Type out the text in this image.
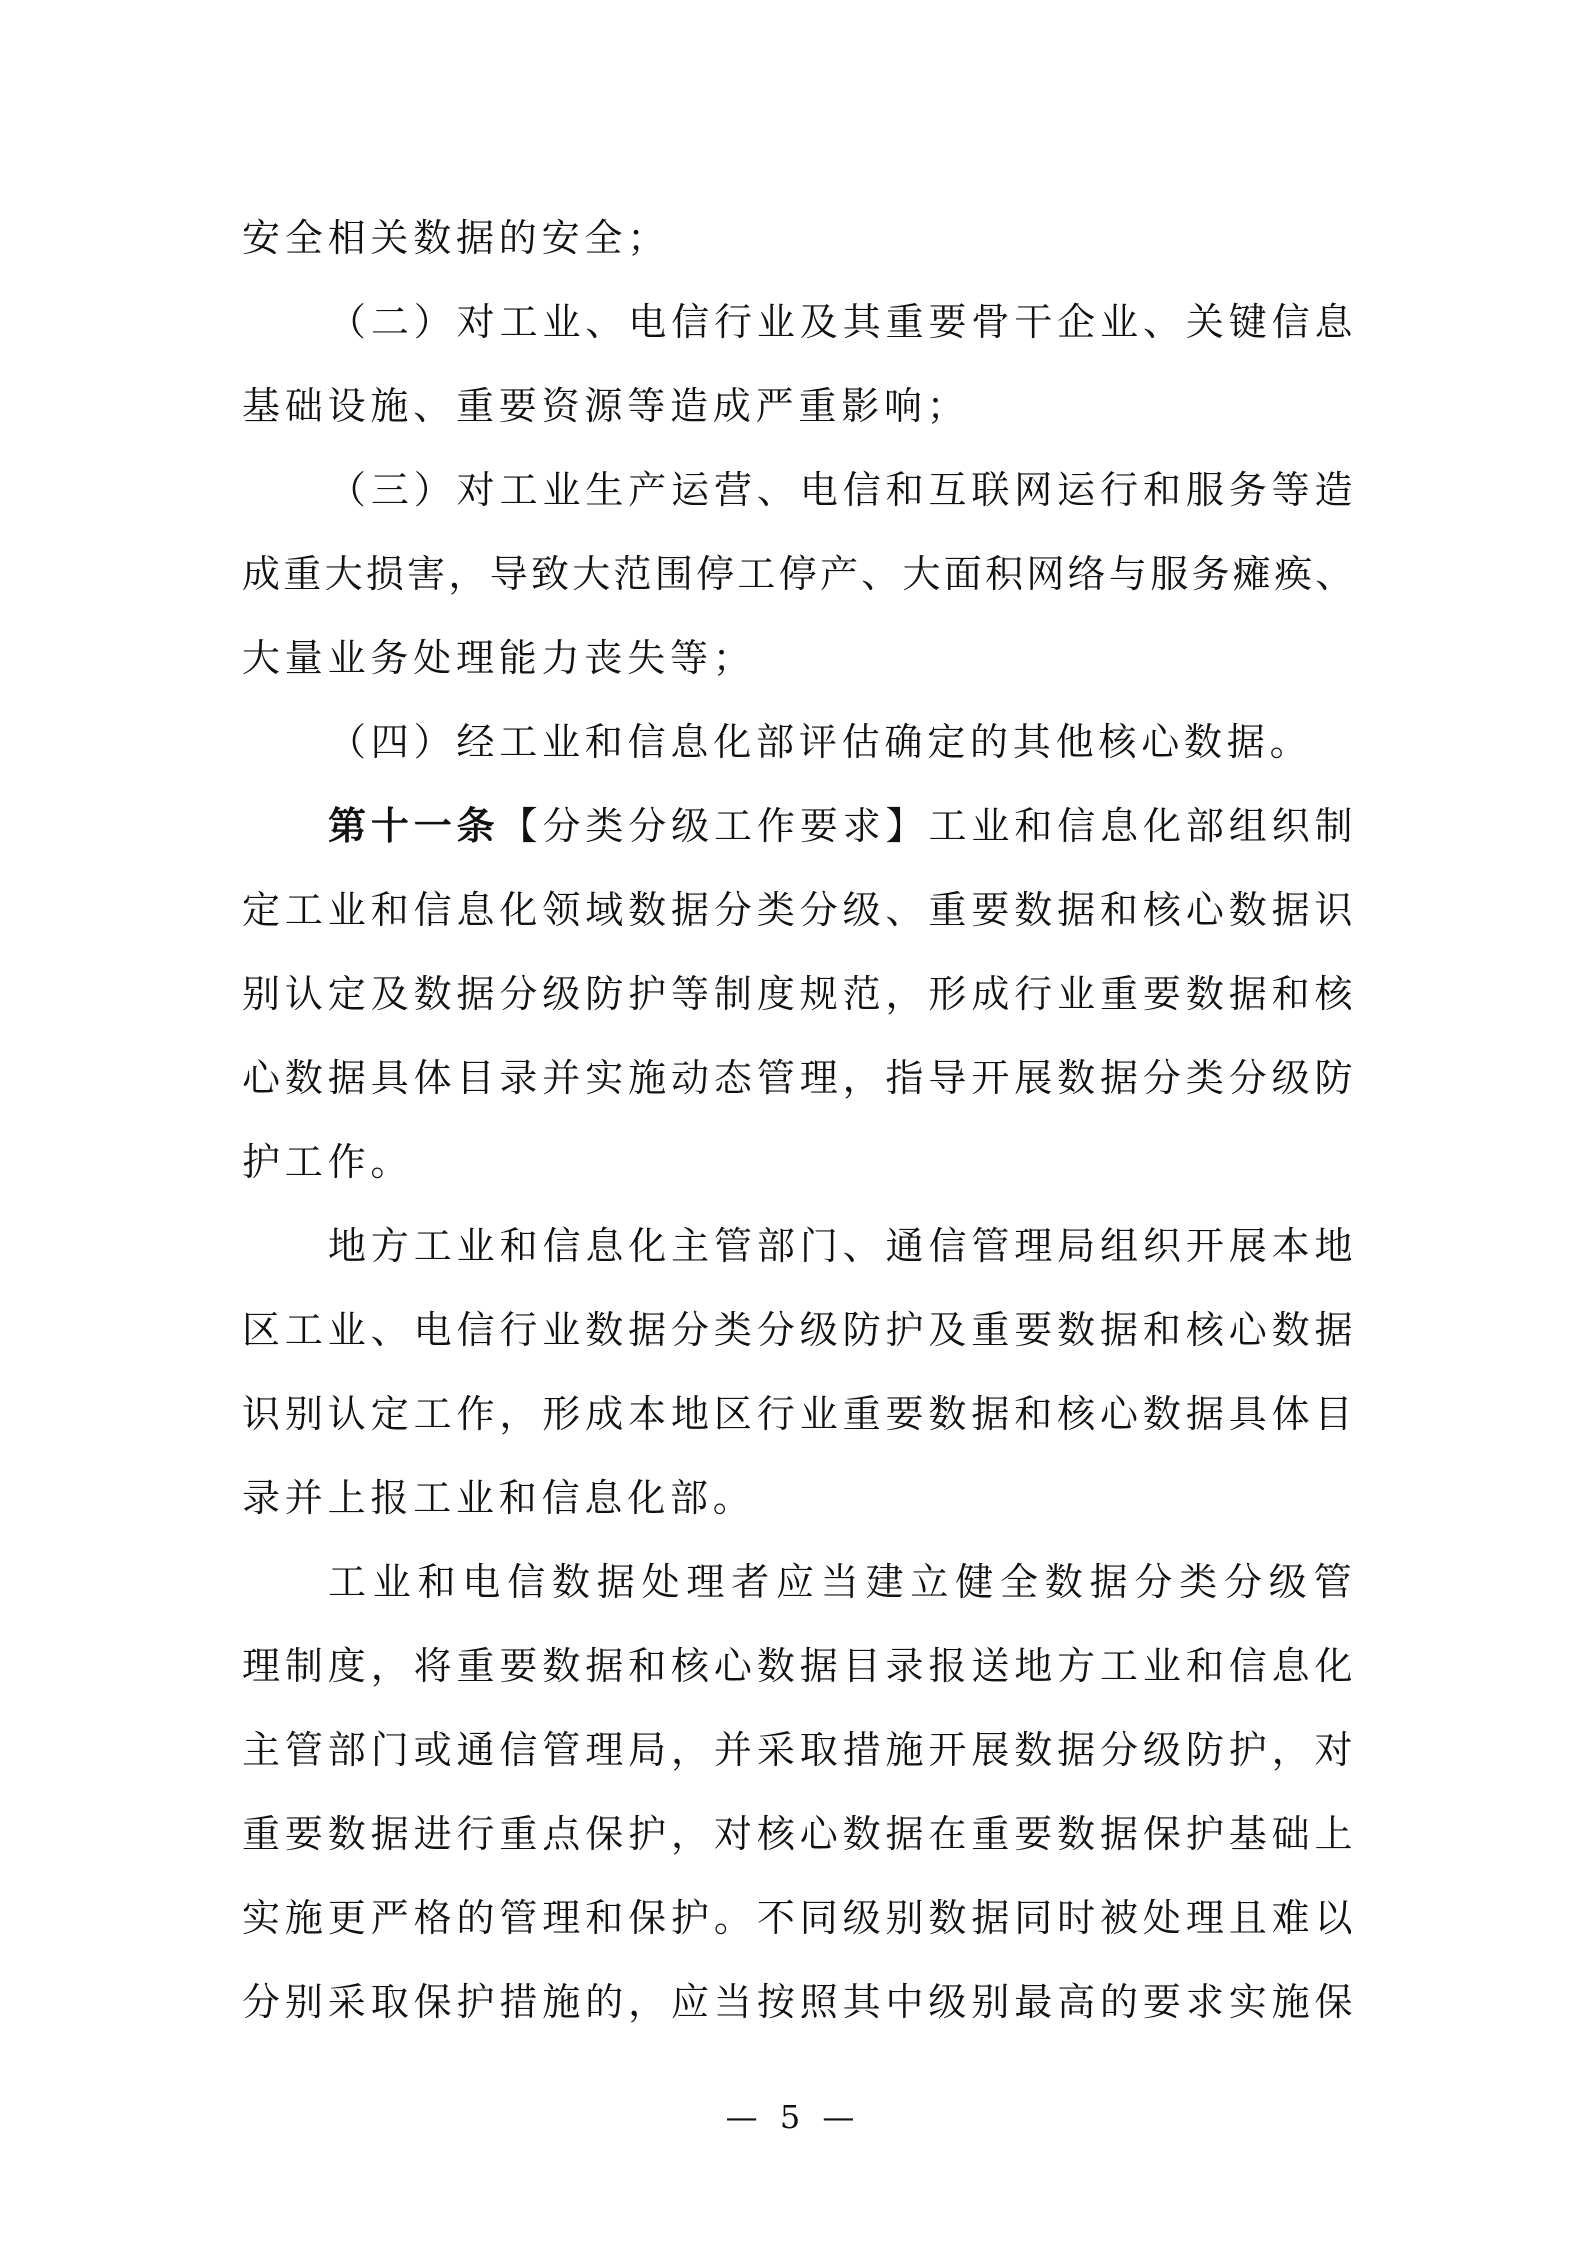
安全相关数据的安全；
（二）对工业、电信行业及其重要骨干企业、关键信息
基础设施、重要资源等造成严重影响；
（三）对工业生产运营、电信和互联网运行和服务等造
成重大损害，导致大范围停工停产、大面积网络与服务瘫痪、
大量业务处理能力丧失等；
（四）经工业和信息化部评估确定的其他核心数据。
第十一条【分类分级工作要求】工业和信息化部组织制
定工业和信息化领域数据分类分级、重要数据和核心数据识
别认定及数据分级防护等制度规范，形成行业重要数据和核
心数据具体目录并实施动态管理，指导开展数据分类分级防
护工作。
地方工业和信息化主管部门、通信管理局组织开展本地
区工业、电信行业数据分类分级防护及重要数据和核心数据
识别认定工作，形成本地区行业重要数据和核心数据具体目
录并上报工业和信息化部。
工业和电信数据处理者应当建立健全数据分类分级管
理制度，将重要数据和核心数据目录报送地方工业和信息化
主管部门或通信管理局，并采取措施开展数据分级防护，对
重要数据进行重点保护，对核心数据在重要数据保护基础上
实施更严格的管理和保护。不同级别数据同时被处理且难以
分别采取保护措施的，应当按照其中级别最高的要求实施保
— 5 —
